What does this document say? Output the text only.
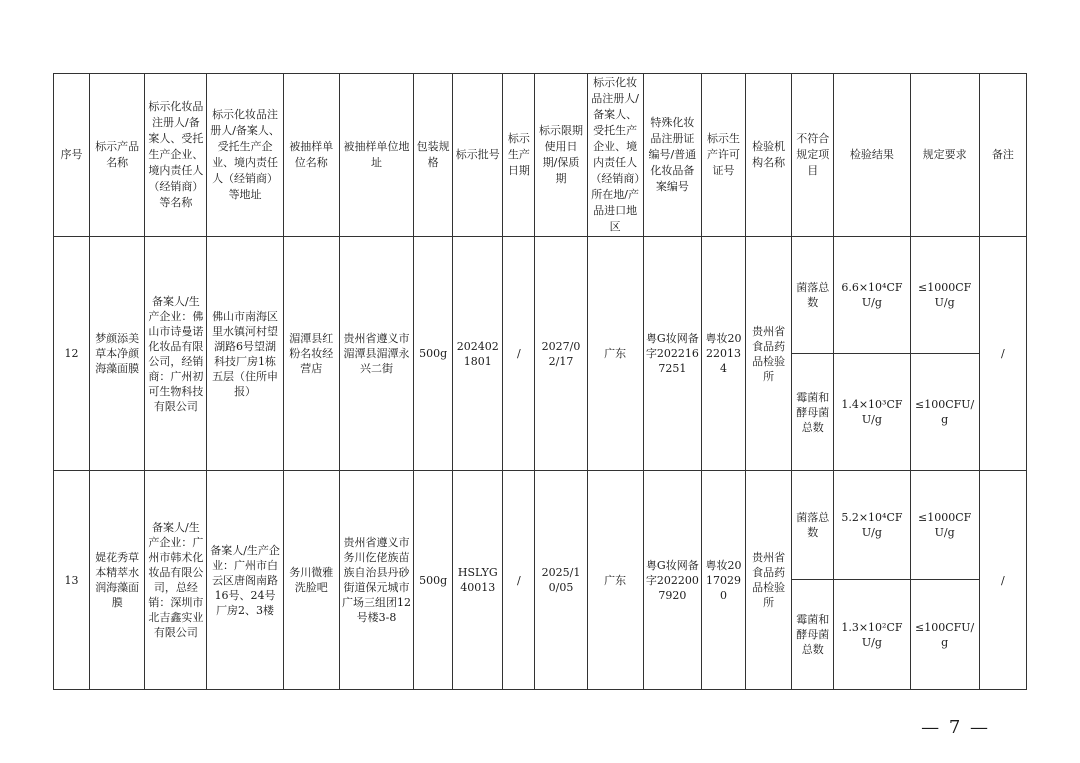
序号	标示产品名称	标示化妆品注册人/备案人、受托生产企业、境内责任人（经销商）等名称	标示化妆品注册人/备案人、受托生产企业、境内责任人（经销商）等地址	被抽样单位名称	被抽样单位地址	包装规格	标示批号	标示生产日期	标示限期使用日期/保质期	标示化妆品注册人/备案人、受托生产企业、境内责任人（经销商）所在地/产品进口地区	特殊化妆品注册证编号/普通化妆品备案编号	标示生产许可证号	检验机构名称	不符合规定项目	检验结果	规定要求	备注
12	梦颜添美草本净颜海藻面膜	备案人/生产企业：佛山市诗曼诺化妆品有限公司，经销商：广州初可生物科技有限公司	佛山市南海区里水镇河村望湖路6号望湖科技厂房1栋五层（住所申报）	湄潭县红粉名妆经营店	贵州省遵义市湄潭县湄潭永兴二街	500g	2024021801	/	2027/02/17	广东	粤G妆网备字2022167251	粤妆20220134	贵州省食品药品检验所	菌落总数	6.6×10⁴CFU/g	≤1000CFU/g	/
														霉菌和酵母菌总数	1.4×10³CFU/g	≤100CFU/g	
13	媞花秀草本精萃水润海藻面膜	备案人/生产企业：广州市韩术化妆品有限公司，总经销：深圳市北吉鑫实业有限公司	备案人/生产企业：广州市白云区唐阁南路16号、24号厂房2、3楼	务川微雅洗脸吧	贵州省遵义市务川仡佬族苗族自治县丹砂街道保元城市广场三组团12号楼3-8	500g	HSLYG40013	/	2025/10/05	广东	粤G妆网备字2022007920	粤妆20170290	贵州省食品药品检验所	菌落总数	5.2×10⁴CFU/g	≤1000CFU/g	/
														霉菌和酵母菌总数	1.3×10²CFU/g	≤100CFU/g	
— 7 —
